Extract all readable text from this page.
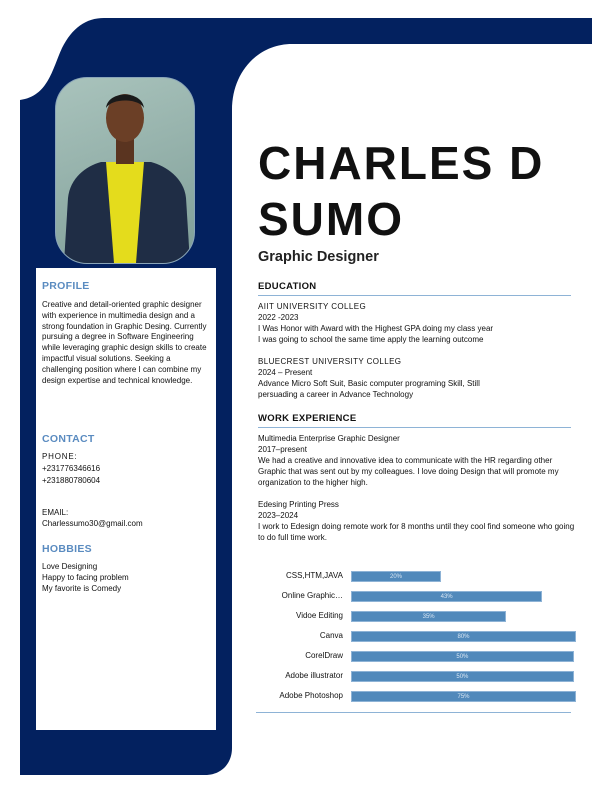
PROFILE
Creative and detail-oriented graphic designer with experience in multimedia design and a strong foundation in Graphic Desing. Currently pursuing a degree in Software Engineering while leveraging graphic design skills to create impactful visual solutions. Seeking a challenging position where I can combine my design expertise and technical knowledge.
CONTACT
PHONE:
+231776346616
+231880780604
EMAIL:
Charlessumo30@gmail.com
HOBBIES
Love Designing
Happy to facing problem
My favorite is Comedy
CHARLES D
SUMO
Graphic Designer
EDUCATION
AIIT UNIVERSITY COLLEG
2022 -2023
I Was Honor with Award with the Highest GPA doing my class year
I was going to school the same time apply the learning outcome
BLUECREST UNIVERSITY COLLEG
2024 – Present
Advance Micro Soft Suit, Basic computer programing Skill, Still
persuading a career in Advance Technology
WORK EXPERIENCE
Multimedia Enterprise Graphic Designer
2017–present
We had a creative and innovative idea to communicate with the HR regarding other Graphic that was sent out by my colleagues. I love doing Design that will promote my organization to the higher high.
Edesing Printing Press
2023–2024
I work to Edesign doing remote work for 8 months until they cool find someone who going to do full time work.
CSS,HTM,JAVA	20%
Online Graphic…	43%
Vidoe Editing	35%
Canva	80%
CorelDraw	50%
Adobe illustrator	50%
Adobe Photoshop	75%
